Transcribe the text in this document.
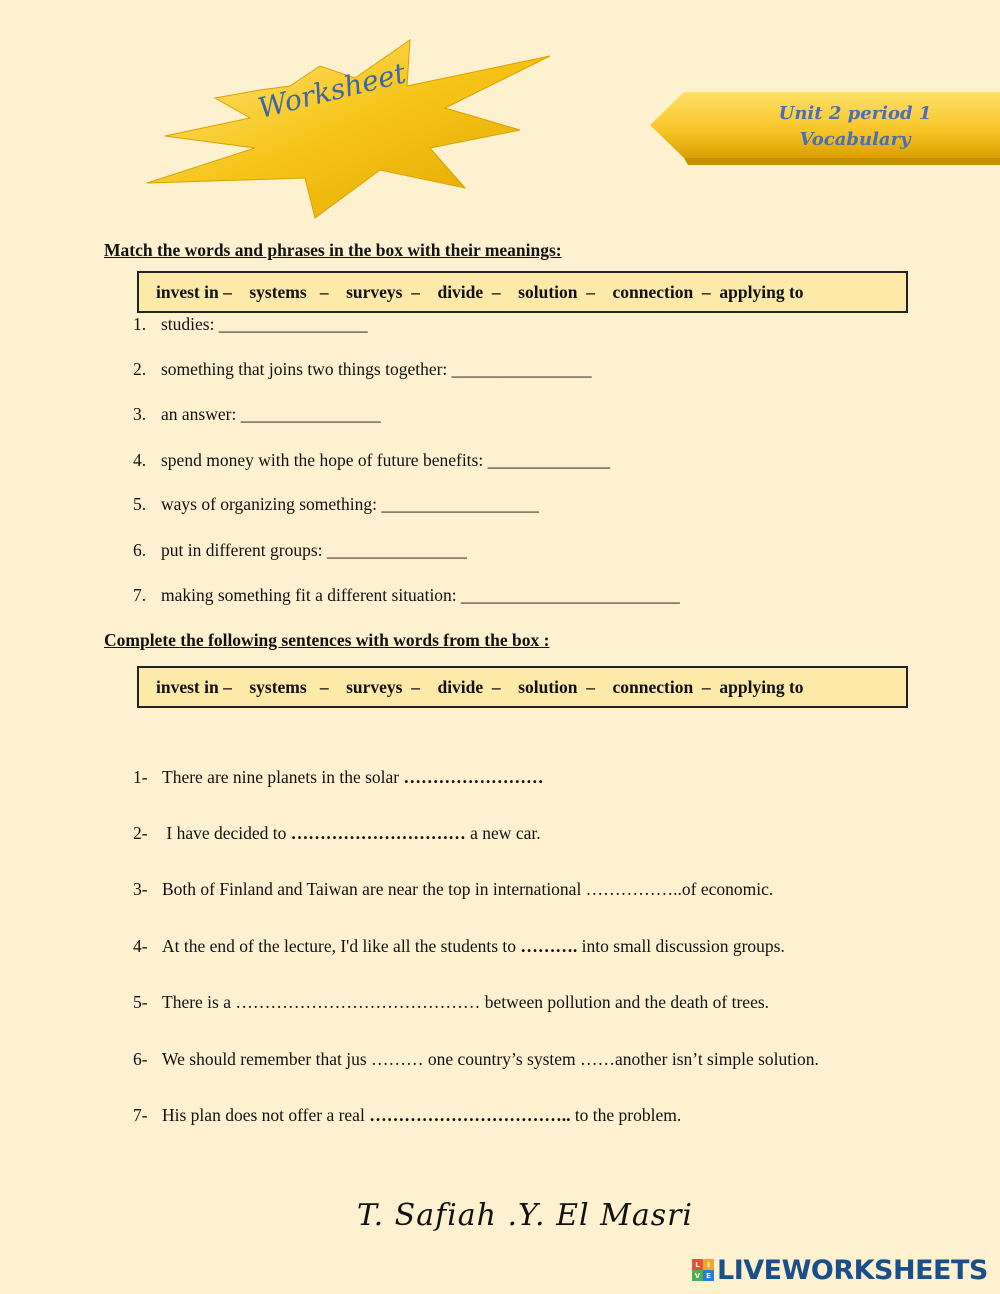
Worksheet	Unit 2 period 1
Vocabulary
Match the words and phrases in the box with their meanings:
invest in –    systems   –    surveys  –    divide  –    solution  –    connection  –  applying to
1. studies: _________________
2. something that joins two things together: ________________
3. an answer: ________________
4. spend money with the hope of future benefits: ______________
5. ways of organizing something: __________________
6. put in different groups: ________________
7. making something fit a different situation: _________________________
Complete the following sentences with words from the box :
invest in –    systems   –    surveys  –    divide  –    solution  –    connection  –  applying to
1- There are nine planets in the solar ……………………
2- I have decided to ………………………… a new car.
3- Both of Finland and Taiwan are near the top in international ……………..of economic.
4- At the end of the lecture, I'd like all the students to ………. into small discussion groups.
5- There is a …………………………………… between pollution and the death of trees.
6- We should remember that jus ……… one country’s system ……another isn’t simple solution.
7- His plan does not offer a real …………………………….. to the problem.
T. Safiah .Y. El Masri
L	I
V E LIVEWORKSHEETS
